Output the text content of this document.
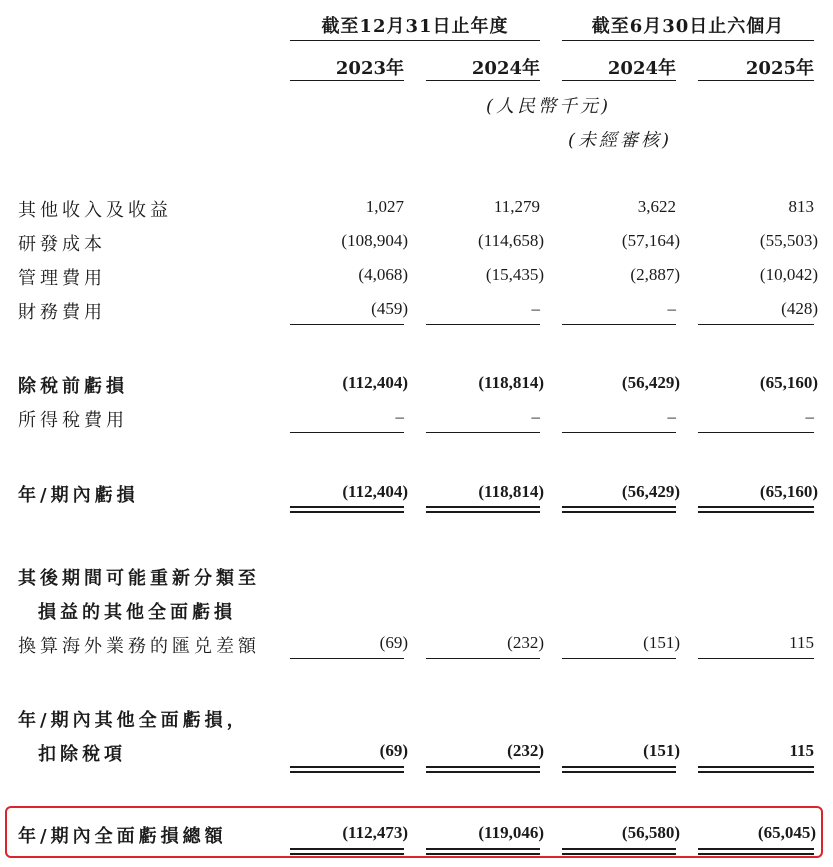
截至12月31日止年度	截至6月30日止六個月
2023年	2024年	2024年	2025年
(人民幣千元)
(未經審核)
其他收入及收益	1,027	11,279	3,622	813
研發成本	(108,904)	(114,658)	(57,164)	(55,503)
管理費用	(4,068)	(15,435)	(2,887)	(10,042)
財務費用	(459)	–	–	(428)
除稅前虧損	(112,404)	(118,814)	(56,429)	(65,160)
所得稅費用	–	–	–	–
年/期內虧損	(112,404)	(118,814)	(56,429)	(65,160)
其後期間可能重新分類至
損益的其他全面虧損
換算海外業務的匯兑差額	(69)	(232)	(151)	115
年/期內其他全面虧損，
扣除稅項	(69)	(232)	(151)	115
年/期內全面虧損總額	(112,473)	(119,046)	(56,580)	(65,045)
